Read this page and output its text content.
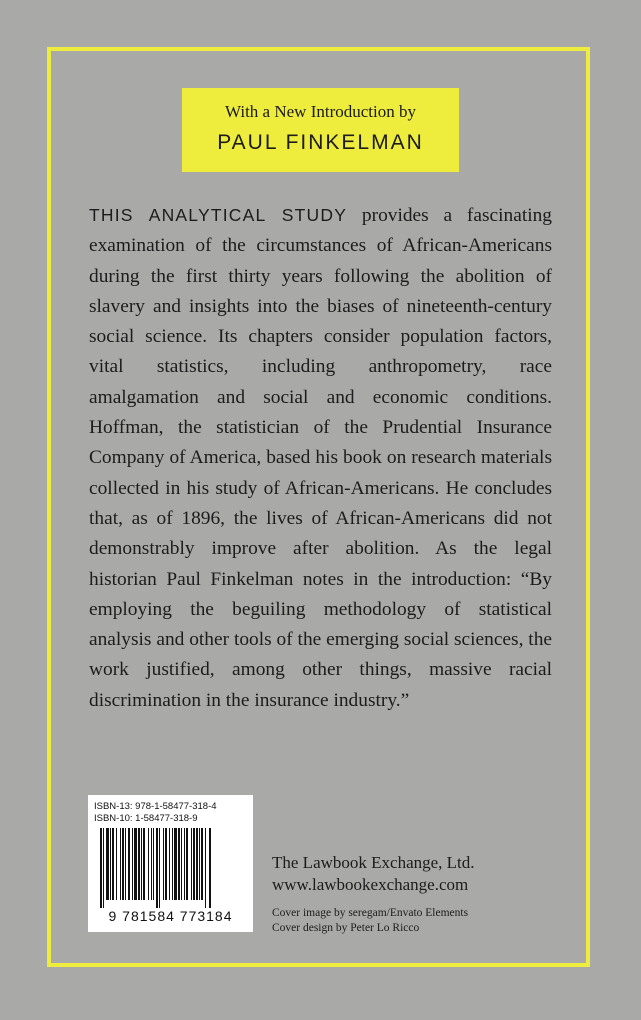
With a New Introduction by
PAUL FINKELMAN
THIS ANALYTICAL STUDY provides a fascinating examination of the circumstances of African-Americans during the first thirty years following the abolition of slavery and insights into the biases of nineteenth-century social science. Its chapters consider population factors, vital statistics, including anthropometry, race amalgamation and social and economic conditions. Hoffman, the statistician of the Prudential Insurance Company of America, based his book on research materials collected in his study of African-Americans. He concludes that, as of 1896, the lives of African-Americans did not demonstrably improve after abolition. As the legal historian Paul Finkelman notes in the introduction: “By employing the beguiling methodology of statistical analysis and other tools of the emerging social sciences, the work justified, among other things, massive racial discrimination in the insurance industry.”
ISBN-13: 978-1-58477-318-4
ISBN-10: 1-58477-318-9
9 781584 773184
The Lawbook Exchange, Ltd.
www.lawbookexchange.com
Cover image by seregam/Envato Elements
Cover design by Peter Lo Ricco
